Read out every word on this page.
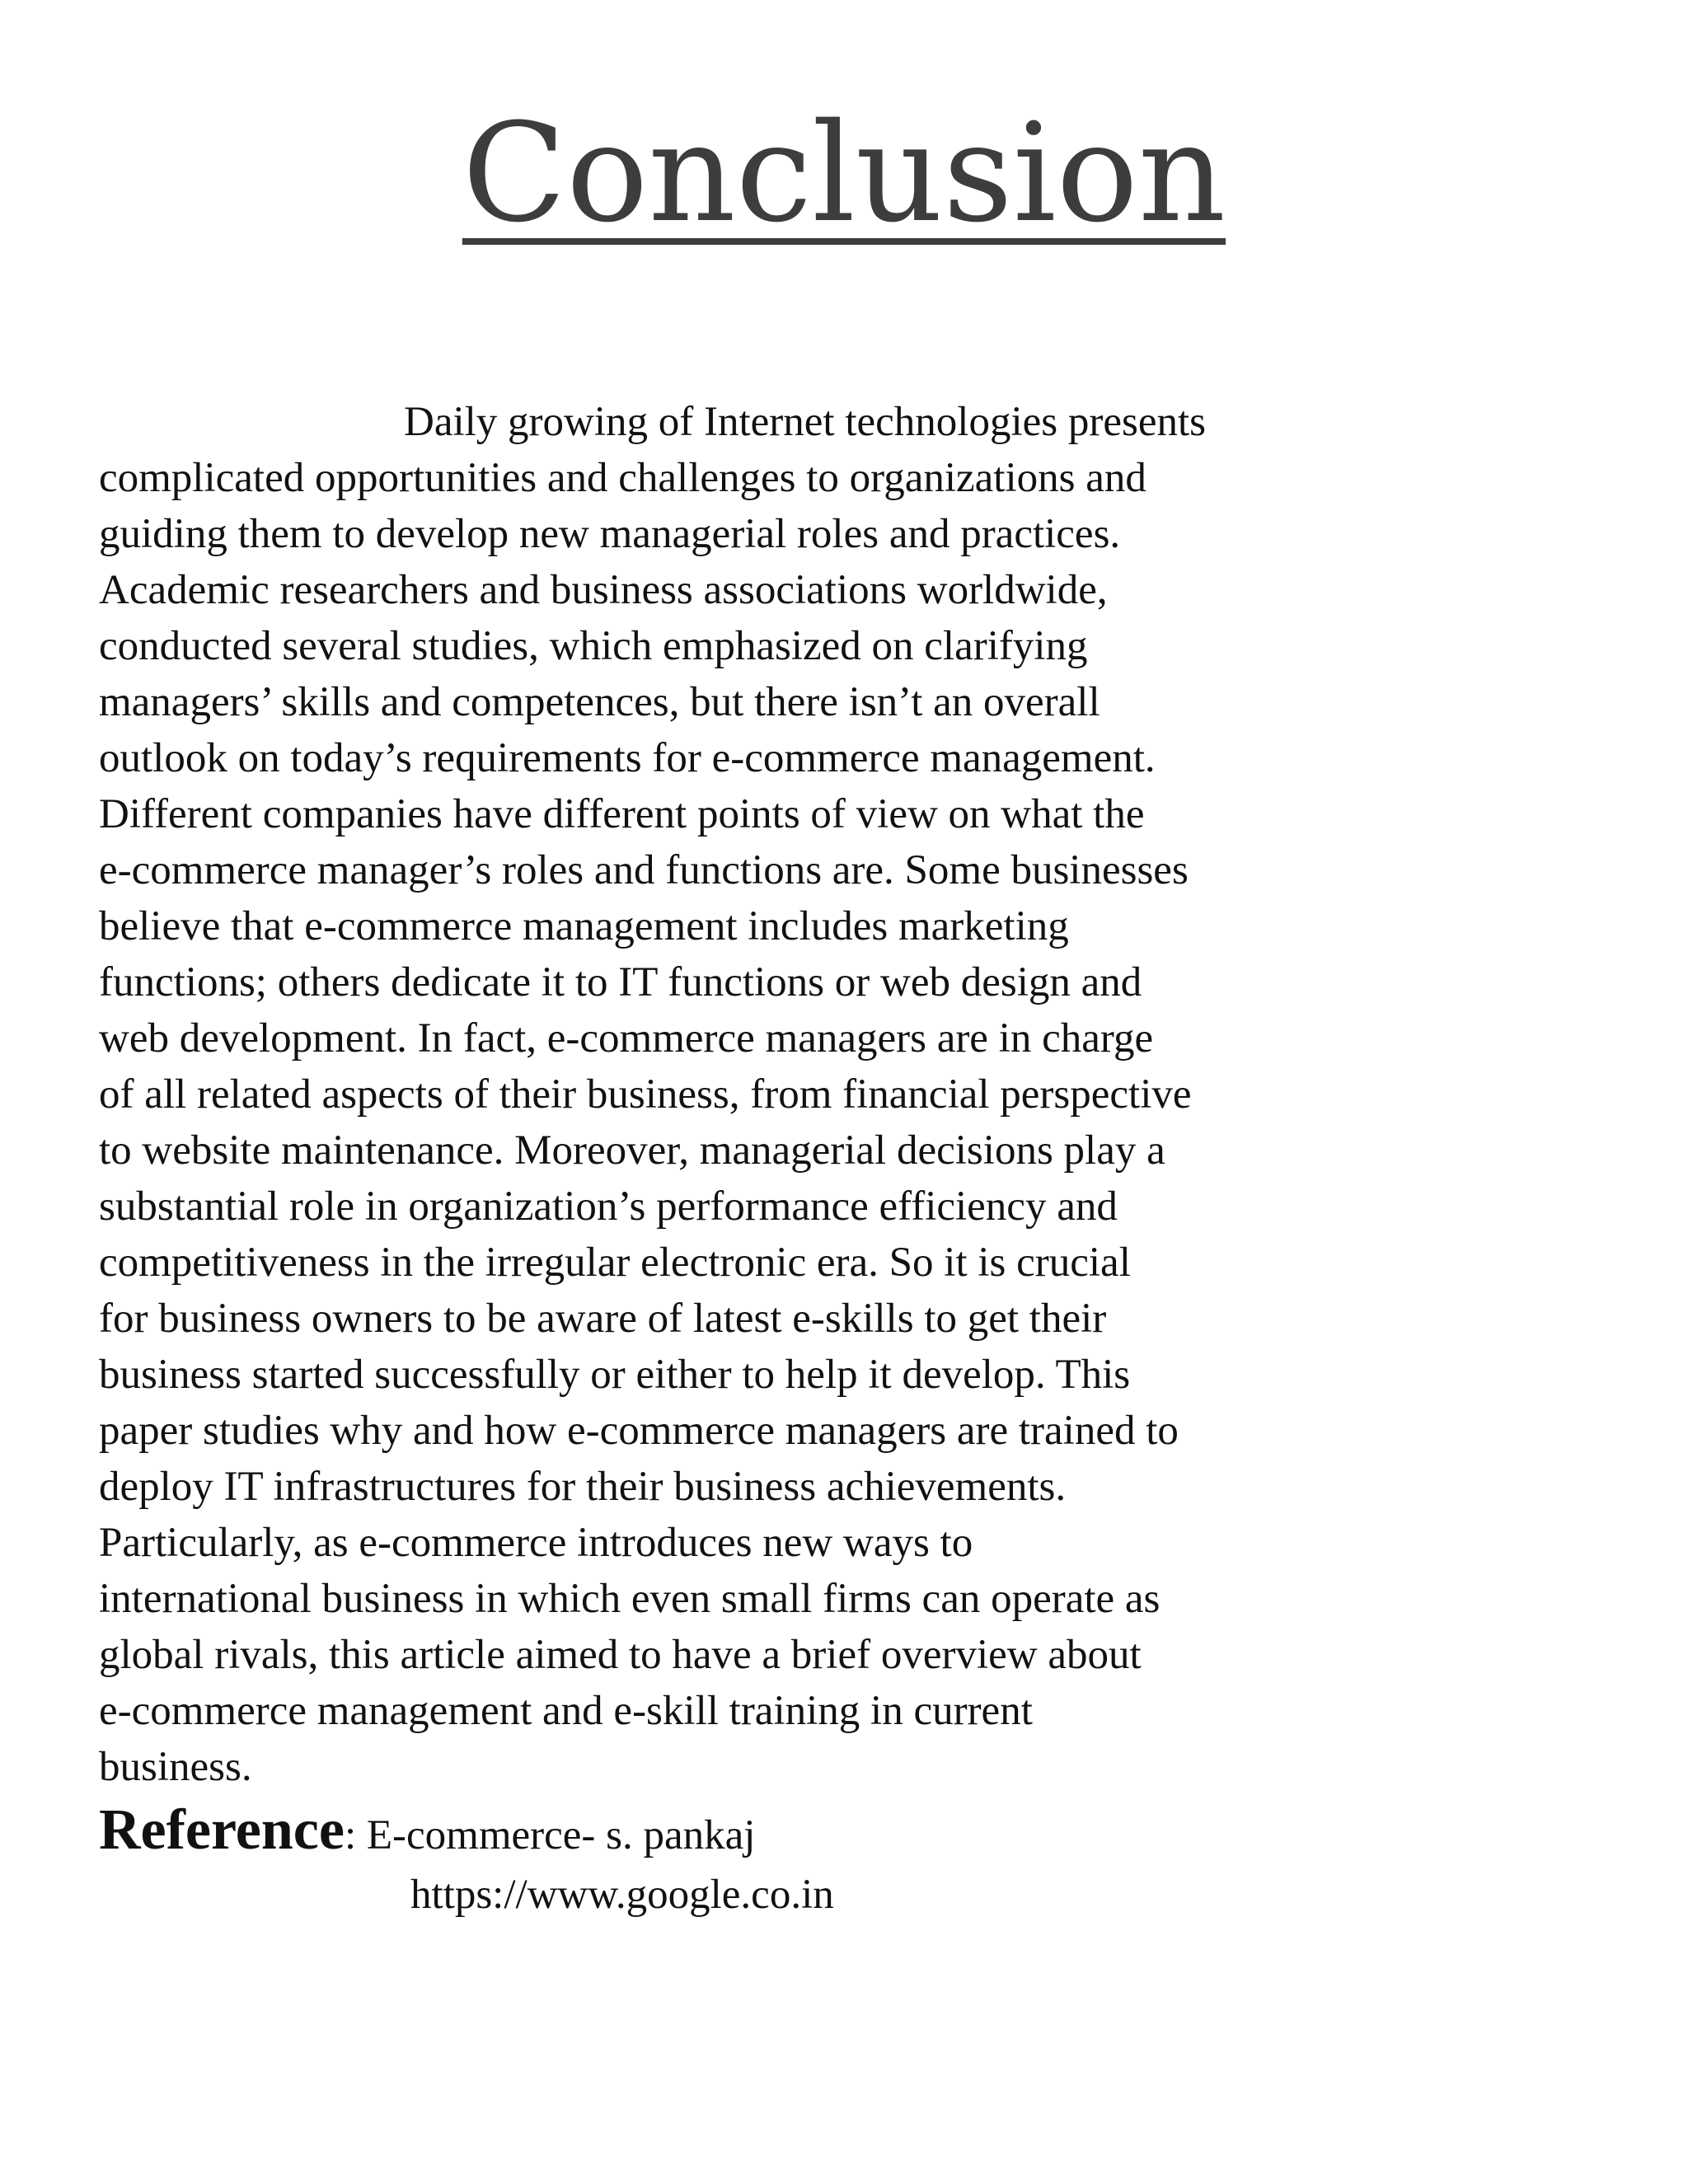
Conclusion

Daily growing of Internet technologies presents
complicated opportunities and challenges to organizations and
guiding them to develop new managerial roles and practices.
Academic researchers and business associations worldwide,
conducted several studies, which emphasized on clarifying
managers’ skills and competences, but there isn’t an overall
outlook on today’s requirements for e-commerce management.
Different companies have different points of view on what the
e-commerce manager’s roles and functions are. Some businesses
believe that e-commerce management includes marketing
functions; others dedicate it to IT functions or web design and
web development. In fact, e-commerce managers are in charge
of all related aspects of their business, from financial perspective
to website maintenance. Moreover, managerial decisions play a
substantial role in organization’s performance efficiency and
competitiveness in the irregular electronic era. So it is crucial
for business owners to be aware of latest e-skills to get their
business started successfully or either to help it develop. This
paper studies why and how e-commerce managers are trained to
deploy IT infrastructures for their business achievements.
Particularly, as e-commerce introduces new ways to
international business in which even small firms can operate as
global rivals, this article aimed to have a brief overview about
e-commerce management and e-skill training in current
business.

Reference: E-commerce- s. pankaj
https://www.google.co.in
